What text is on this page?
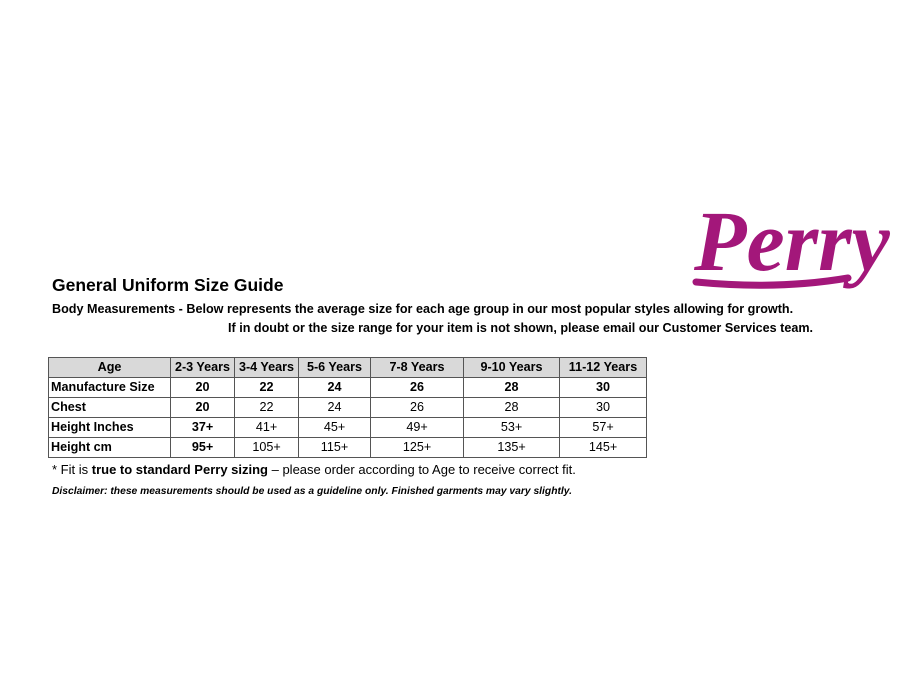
Perry
General Uniform Size Guide
Body Measurements - Below represents the average size for each age group in our most popular styles allowing for growth.
If in doubt or the size range for your item is not shown, please email our Customer Services team.
Age	2-3 Years	3-4 Years	5-6 Years	7-8 Years	9-10 Years	11-12 Years
Manufacture Size	20	22	24	26	28	30
Chest	20	22	24	26	28	30
Height Inches	37+	41+	45+	49+	53+	57+
Height cm	95+	105+	115+	125+	135+	145+
* Fit is true to standard Perry sizing – please order according to Age to receive correct fit.
Disclaimer: these measurements should be used as a guideline only. Finished garments may vary slightly.
